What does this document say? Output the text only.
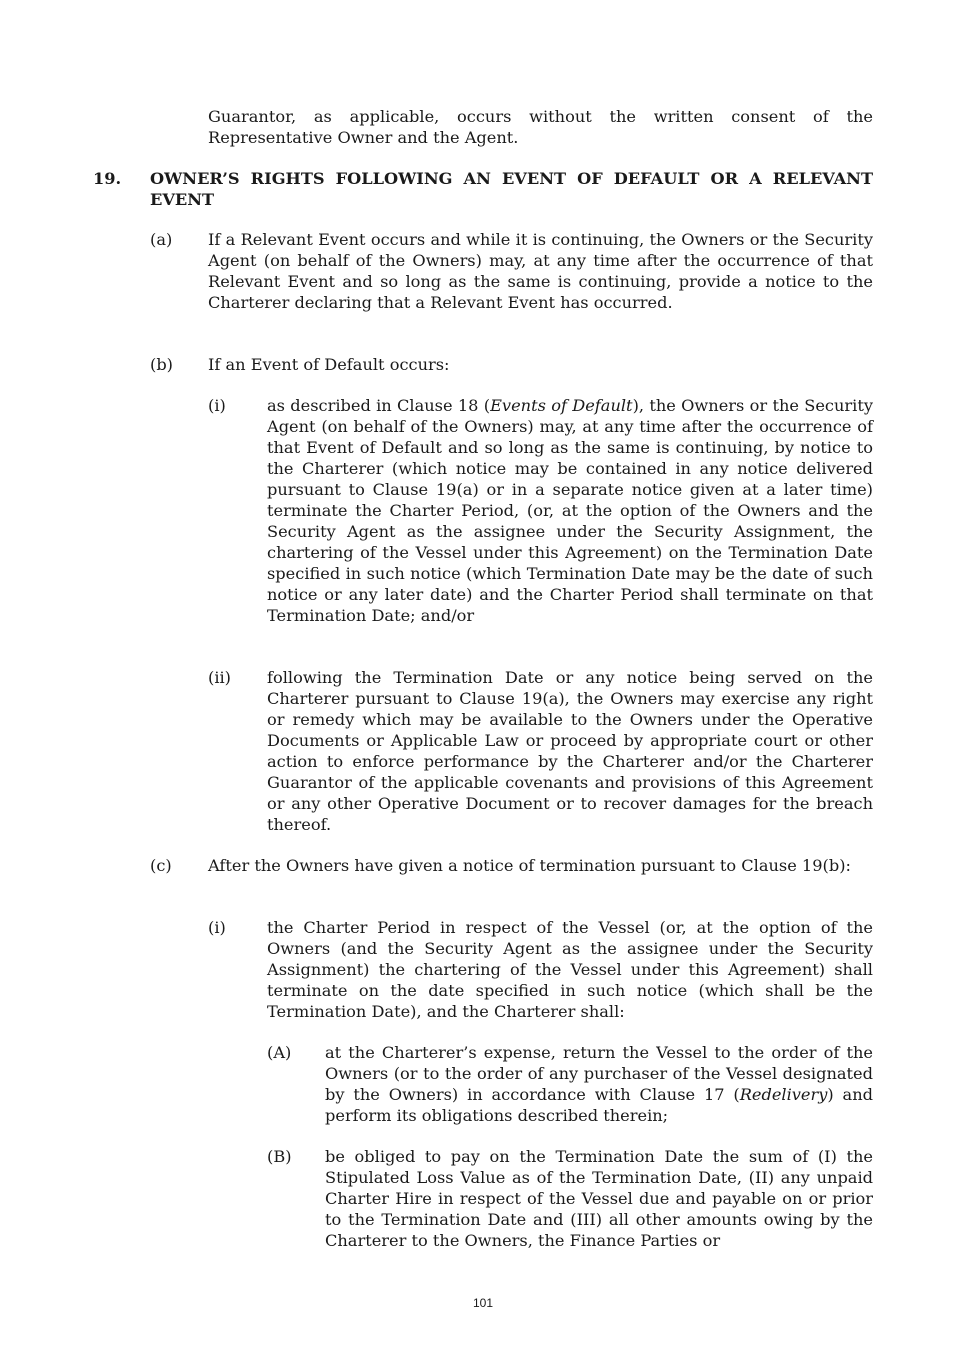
Guarantor, as applicable, occurs without the written consent of the Representative Owner and the Agent.

19. OWNER’S RIGHTS FOLLOWING AN EVENT OF DEFAULT OR A RELEVANT EVENT

(a) If a Relevant Event occurs and while it is continuing, the Owners or the Security Agent (on behalf of the Owners) may, at any time after the occurrence of that Relevant Event and so long as the same is continuing, provide a notice to the Charterer declaring that a Relevant Event has occurred.

(b) If an Event of Default occurs:

(i)	as described in Clause 18 (Events of Default), the Owners or the Security Agent (on behalf of the Owners) may, at any time after the occurrence of that Event of Default and so long as the same is continuing, by notice to the Charterer (which notice may be contained in any notice delivered pursuant to Clause 19(a) or in a separate notice given at a later time) terminate the Charter Period, (or, at the option of the Owners and the Security Agent as the assignee under the Security Assignment, the chartering of the Vessel under this Agreement) on the Termination Date specified in such notice (which Termination Date may be the date of such notice or any later date) and the Charter Period shall terminate on that Termination Date; and/or

(ii) following the Termination Date or any notice being served on the Charterer pursuant to Clause 19(a), the Owners may exercise any right or remedy which may be available to the Owners under the Operative Documents or Applicable Law or proceed by appropriate court or other action to enforce performance by the Charterer and/or the Charterer Guarantor of the applicable covenants and provisions of this Agreement or any other Operative Document or to recover damages for the breach thereof.

(c) After the Owners have given a notice of termination pursuant to Clause 19(b):

(i)	the Charter Period in respect of the Vessel (or, at the option of the Owners (and the Security Agent as the assignee under the Security Assignment) the chartering of the Vessel under this Agreement) shall terminate on the date specified in such notice (which shall be the Termination Date), and the Charterer shall:

(A) at the Charterer’s expense, return the Vessel to the order of the Owners (or to the order of any purchaser of the Vessel designated by the Owners) in accordance with Clause 17 (Redelivery) and perform its obligations described therein;

(B) be obliged to pay on the Termination Date the sum of (I) the Stipulated Loss Value as of the Termination Date, (II) any unpaid Charter Hire in respect of the Vessel due and payable on or prior to the Termination Date and (III) all other amounts owing by the Charterer to the Owners, the Finance Parties or

101
